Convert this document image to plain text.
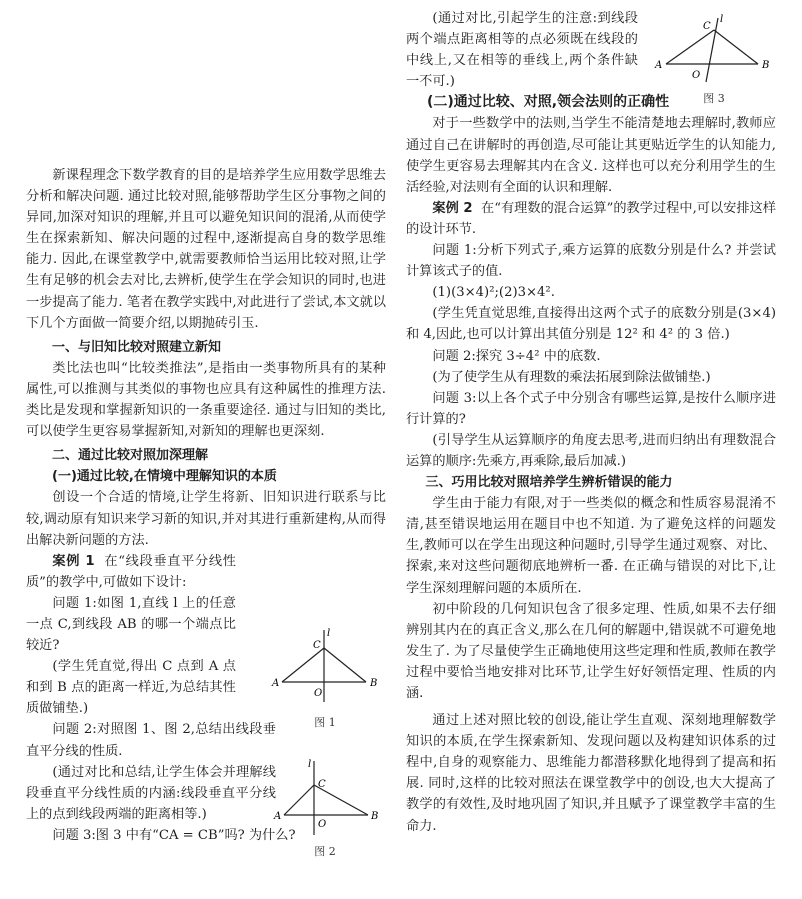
新课程理念下数学教育的目的是培养学生应用数学思维去分析和解决问题. 通过比较对照,能够帮助学生区分事物之间的异同,加深对知识的理解,并且可以避免知识间的混淆,从而使学生在探索新知、解决问题的过程中,逐渐提高自身的数学思维能力. 因此,在课堂教学中,就需要教师恰当运用比较对照,让学生有足够的机会去对比,去辨析,使学生在学会知识的同时,也进一步提高了能力. 笔者在教学实践中,对此进行了尝试,本文就以下几个方面做一简要介绍,以期抛砖引玉.

一、与旧知比较对照建立新知

类比法也叫“比较类推法”,是指由一类事物所具有的某种属性,可以推测与其类似的事物也应具有这种属性的推理方法. 类比是发现和掌握新知识的一条重要途径. 通过与旧知的类比,可以使学生更容易掌握新知,对新知的理解也更深刻.

二、通过比较对照加深理解

(一)通过比较,在情境中理解知识的本质

创设一个合适的情境,让学生将新、旧知识进行联系与比较,调动原有知识来学习新的知识,并对其进行重新建构,从而得出解决新问题的方法.

案例 1 在“线段垂直平分线性质”的教学中,可做如下设计:

问题 1:如图 1,直线 l 上的任意一点 C,到线段 AB 的哪一个端点比较近?

(学生凭直觉,得出 C 点到 A 点和到 B 点的距离一样近,为总结其性质做铺垫.)

问题 2:对照图 1、图 2,总结出线段垂直平分线的性质.

(通过对比和总结,让学生体会并理解线段垂直平分线性质的内涵:线段垂直平分线上的点到线段两端的距离相等.)

问题 3:图 3 中有“CA = CB”吗? 为什么?

A	B
C
O
l
图 1
A	B
C
O
l
图 2

(通过对比,引起学生的注意:到线段两个端点距离相等的点必须既在线段的中线上,又在相等的垂线上,两个条件缺一不可.)

(二)通过比较、对照,领会法则的正确性

对于一些数学中的法则,当学生不能清楚地去理解时,教师应通过自己在讲解时的再创造,尽可能让其更贴近学生的认知能力,使学生更容易去理解其内在含义. 这样也可以充分利用学生的生活经验,对法则有全面的认识和理解.

案例 2 在“有理数的混合运算”的教学过程中,可以安排这样的设计环节.

问题 1:分析下列式子,乘方运算的底数分别是什么? 并尝试计算该式子的值.

(1)(3×4)²;(2)3×4².

(学生凭直觉思维,直接得出这两个式子的底数分别是(3×4)和 4,因此,也可以计算出其值分别是 12² 和 4² 的 3 倍.)

问题 2:探究 3÷4² 中的底数.

(为了使学生从有理数的乘法拓展到除法做铺垫.)

问题 3:以上各个式子中分别含有哪些运算,是按什么顺序进行计算的?

(引导学生从运算顺序的角度去思考,进而归纳出有理数混合运算的顺序:先乘方,再乘除,最后加减.)

三、巧用比较对照培养学生辨析错误的能力

学生由于能力有限,对于一些类似的概念和性质容易混淆不清,甚至错误地运用在题目中也不知道. 为了避免这样的问题发生,教师可以在学生出现这种问题时,引导学生通过观察、对比、探索,来对这些问题彻底地辨析一番. 在正确与错误的对比下,让学生深刻理解问题的本质所在.

初中阶段的几何知识包含了很多定理、性质,如果不去仔细辨别其内在的真正含义,那么在几何的解题中,错误就不可避免地发生了. 为了尽量使学生正确地使用这些定理和性质,教师在教学过程中要恰当地安排对比环节,让学生好好领悟定理、性质的内涵.

通过上述对照比较的创设,能让学生直观、深刻地理解数学知识的本质,在学生探索新知、发现问题以及构建知识体系的过程中,自身的观察能力、思维能力都潜移默化地得到了提高和拓展. 同时,这样的比较对照法在课堂教学中的创设,也大大提高了教学的有效性,及时地巩固了知识,并且赋予了课堂教学丰富的生命力.

A	B
C
O
l
图 3
